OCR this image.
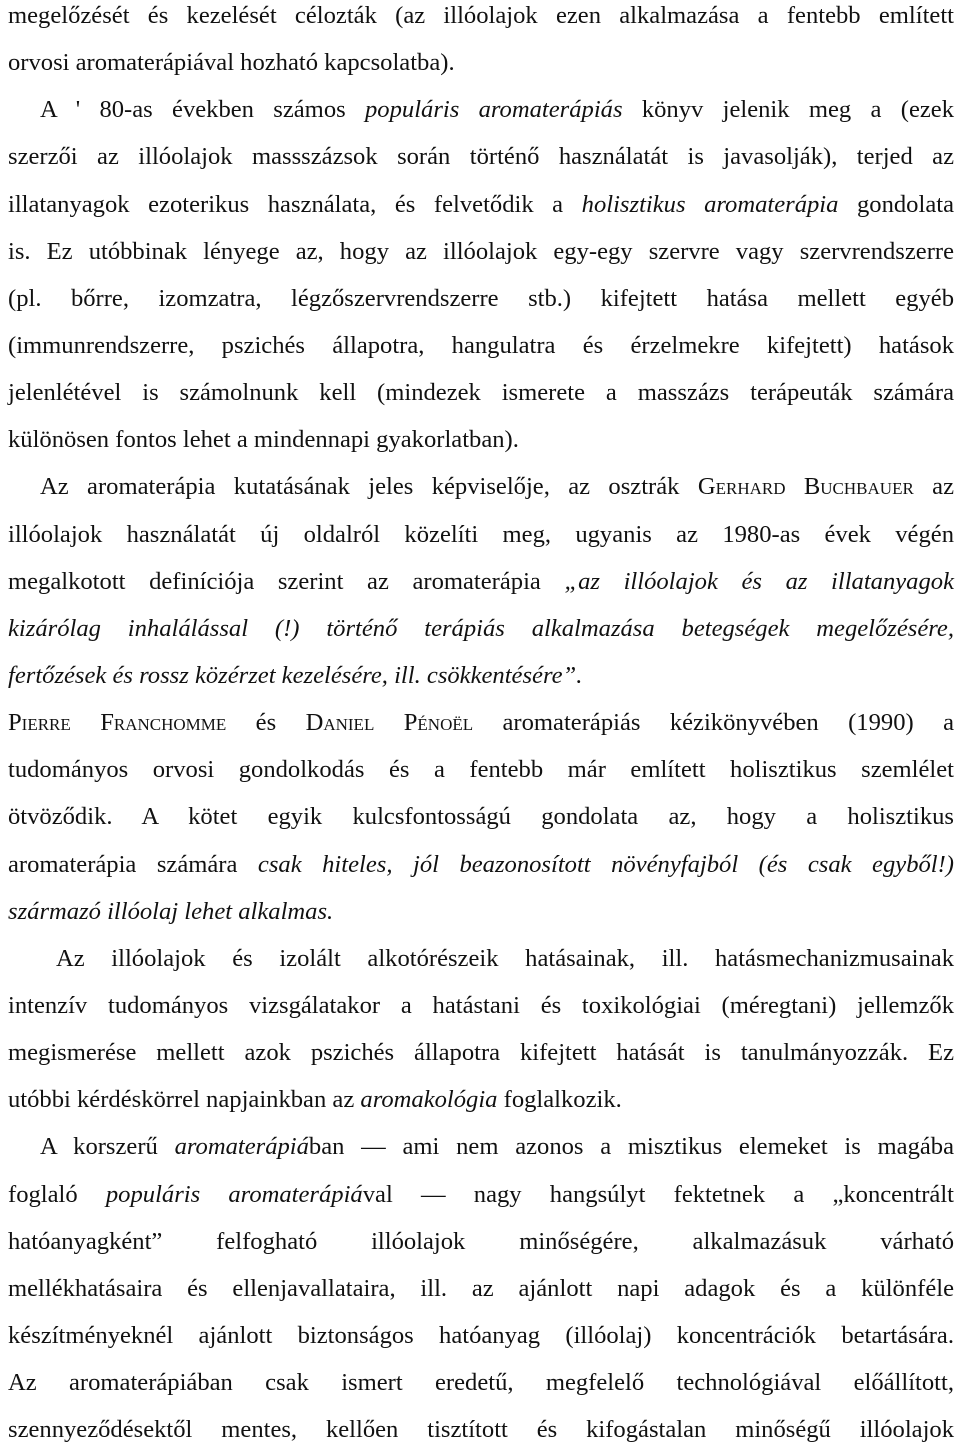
megelőzését és kezelését célozták (az illóolajok ezen alkalmazása a fentebb említett
orvosi aromaterápiával hozható kapcsolatba).
A ' 80-as években számos populáris aromaterápiás könyv jelenik meg a (ezek
szerzői az illóolajok massszázsok során történő használatát is javasolják), terjed az
illatanyagok ezoterikus használata, és felvetődik a holisztikus aromaterápia gondolata
is. Ez utóbbinak lényege az, hogy az illóolajok egy-egy szervre vagy szervrendszerre
(pl. bőrre, izomzatra, légzőszervrendszerre stb.) kifejtett hatása mellett egyéb
(immunrendszerre, pszichés állapotra, hangulatra és érzelmekre kifejtett) hatások
jelenlétével is számolnunk kell (mindezek ismerete a masszázs terápeuták számára
különösen fontos lehet a mindennapi gyakorlatban).
Az aromaterápia kutatásának jeles képviselője, az osztrák Gerhard Buchbauer az
illóolajok használatát új oldalról közelíti meg, ugyanis az 1980-as évek végén
megalkotott definíciója szerint az aromaterápia „az illóolajok és az illatanyagok
kizárólag inhalálással (!) történő terápiás alkalmazása betegségek megelőzésére,
fertőzések és rossz közérzet kezelésére, ill. csökkentésére”.
Pierre Franchomme és Daniel Pénoël aromaterápiás kézikönyvében (1990) a
tudományos orvosi gondolkodás és a fentebb már említett holisztikus szemlélet
ötvöződik. A kötet egyik kulcsfontosságú gondolata az, hogy a holisztikus
aromaterápia számára csak hiteles, jól beazonosított növényfajból (és csak egyből!)
származó illóolaj lehet alkalmas.
Az illóolajok és izolált alkotórészeik hatásainak, ill. hatásmechanizmusainak
intenzív tudományos vizsgálatakor a hatástani és toxikológiai (méregtani) jellemzők
megismerése mellett azok pszichés állapotra kifejtett hatását is tanulmányozzák. Ez
utóbbi kérdéskörrel napjainkban az aromakológia foglalkozik.
A korszerű aromaterápiában — ami nem azonos a misztikus elemeket is magába
foglaló populáris aromaterápiával — nagy hangsúlyt fektetnek a „koncentrált
hatóanyagként” felfogható illóolajok minőségére, alkalmazásuk várható
mellékhatásaira és ellenjavallataira, ill. az ajánlott napi adagok és a különféle
készítményeknél ajánlott biztonságos hatóanyag (illóolaj) koncentrációk betartására.
Az aromaterápiában csak ismert eredetű, megfelelő technológiával előállított,
szennyeződésektől mentes, kellően tisztított és kifogástalan minőségű illóolajok
